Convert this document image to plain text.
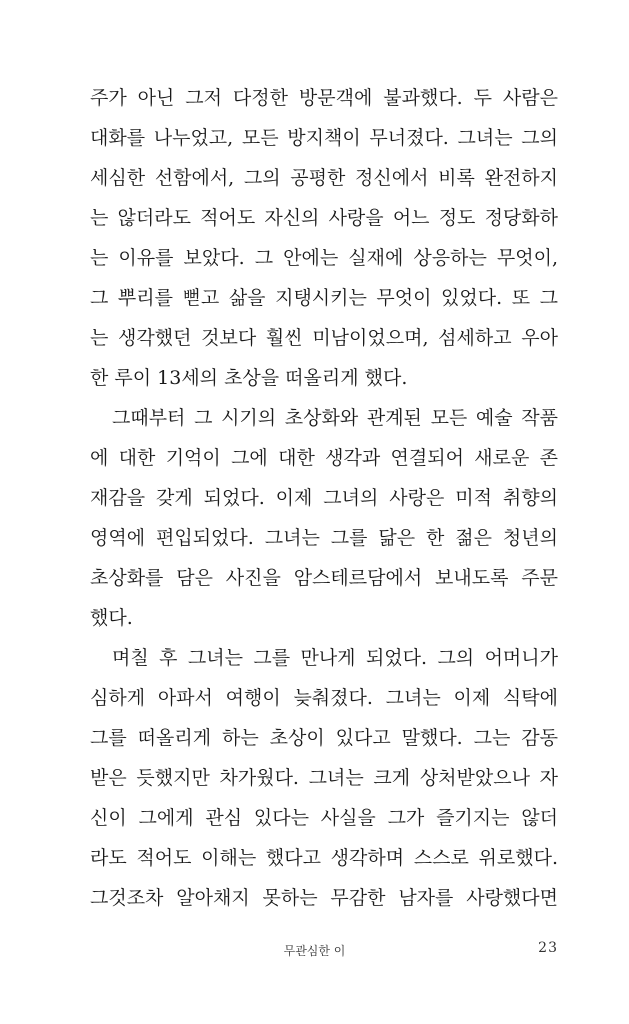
주가 아닌 그저 다정한 방문객에 불과했다. 두 사람은
대화를 나누었고, 모든 방지책이 무너졌다. 그녀는 그의
세심한 선함에서, 그의 공평한 정신에서 비록 완전하지
는 않더라도 적어도 자신의 사랑을 어느 정도 정당화하
는 이유를 보았다. 그 안에는 실재에 상응하는 무엇이,
그 뿌리를 뻗고 삶을 지탱시키는 무엇이 있었다. 또 그
는 생각했던 것보다 훨씬 미남이었으며, 섬세하고 우아
한 루이 13세의 초상을 떠올리게 했다.
그때부터 그 시기의 초상화와 관계된 모든 예술 작품
에 대한 기억이 그에 대한 생각과 연결되어 새로운 존
재감을 갖게 되었다. 이제 그녀의 사랑은 미적 취향의
영역에 편입되었다. 그녀는 그를 닮은 한 젊은 청년의
초상화를 담은 사진을 암스테르담에서 보내도록 주문
했다.
며칠 후 그녀는 그를 만나게 되었다. 그의 어머니가
심하게 아파서 여행이 늦춰졌다. 그녀는 이제 식탁에
그를 떠올리게 하는 초상이 있다고 말했다. 그는 감동
받은 듯했지만 차가웠다. 그녀는 크게 상처받았으나 자
신이 그에게 관심 있다는 사실을 그가 즐기지는 않더
라도 적어도 이해는 했다고 생각하며 스스로 위로했다.
그것조차 알아채지 못하는 무감한 남자를 사랑했다면
무관심한 이	23
